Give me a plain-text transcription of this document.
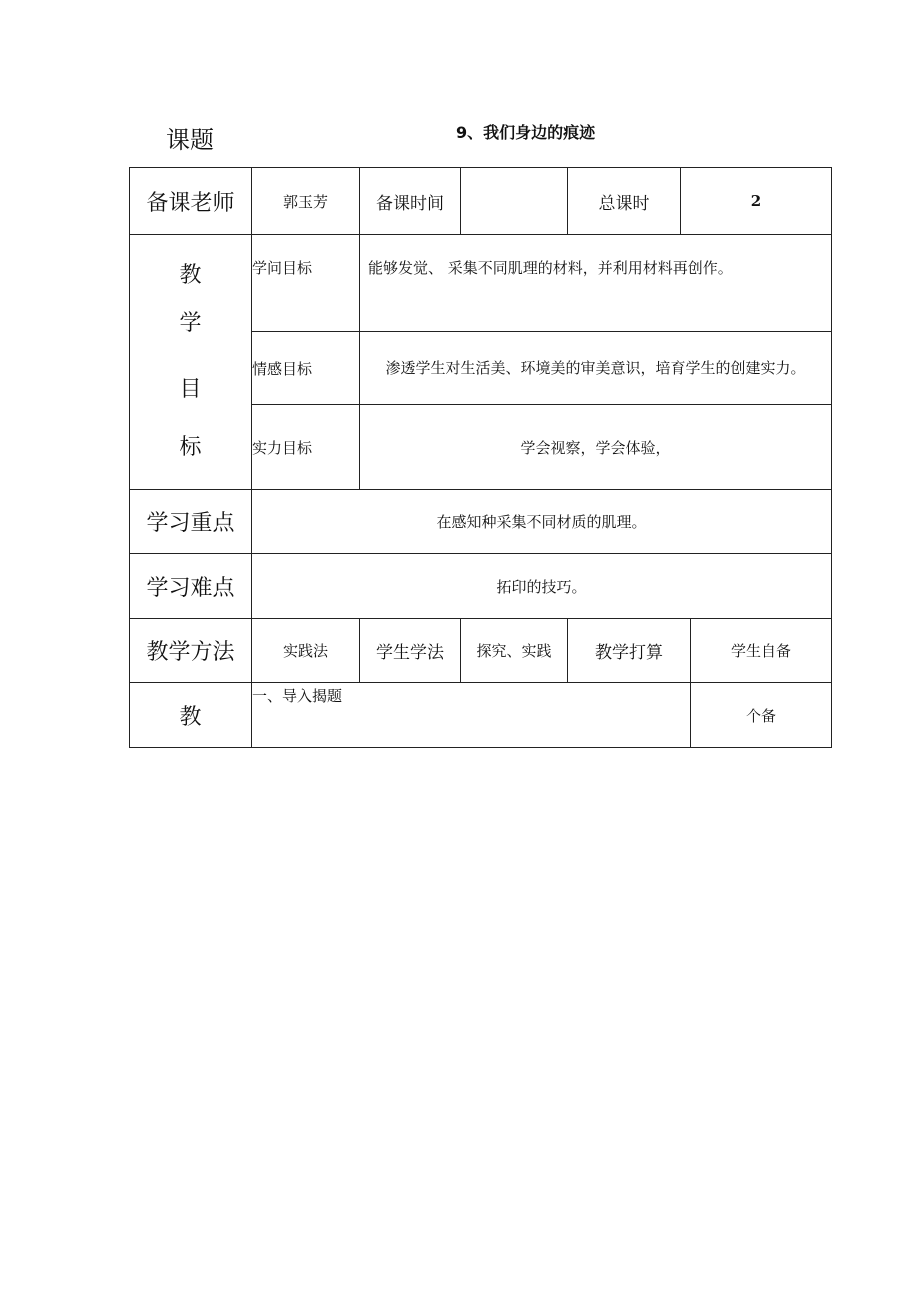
课题	9、我们身边的痕迹
备课老师	郭玉芳	备课时间		总课时	2	

教
学
目
标	学问目标	能够发觉、 采集不同肌理的材料，并利用材料再创作。				
	情感目标	渗透学生对生活美、环境美的审美意识，培育学生的创建实力。				
	实力目标	学会视察，学会体验，				
学习重点	在感知种采集不同材质的肌理。					
学习难点	拓印的技巧。					
教学方法	实践法	学生学法	探究、实践	教学打算		学生自备
教	一、导入揭题					个备
